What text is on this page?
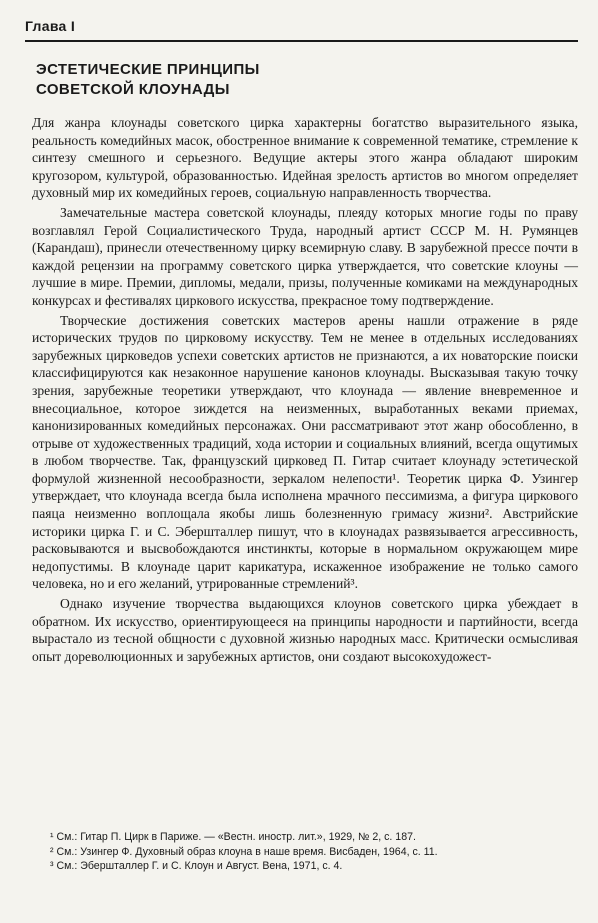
Глава I
ЭСТЕТИЧЕСКИЕ ПРИНЦИПЫ
СОВЕТСКОЙ КЛОУНАДЫ

Для жанра клоунады советского цирка характерны богатство выразительного языка, реальность комедийных масок, обостренное внимание к современной тематике, стремление к синтезу смешного и серьезного. Ведущие актеры этого жанра обладают широким кругозором, культурой, образованностью. Идейная зрелость артистов во многом определяет духовный мир их комедийных героев, социальную направленность творчества.

Замечательные мастера советской клоунады, плеяду которых многие годы по праву возглавлял Герой Социалистического Труда, народный артист СССР М. Н. Румянцев (Карандаш), принесли отечественному цирку всемирную славу. В зарубежной прессе почти в каждой рецензии на программу советского цирка утверждается, что советские клоуны — лучшие в мире. Премии, дипломы, медали, призы, полученные комиками на международных конкурсах и фестивалях циркового искусства, прекрасное тому подтверждение.

Творческие достижения советских мастеров арены нашли отражение в ряде исторических трудов по цирковому искусству. Тем не менее в отдельных исследованиях зарубежных цирковедов успехи советских артистов не признаются, а их новаторские поиски классифицируются как незаконное нарушение канонов клоунады. Высказывая такую точку зрения, зарубежные теоретики утверждают, что клоунада — явление вневременное и внесоциальное, которое зиждется на неизменных, выработанных веками приемах, канонизированных комедийных персонажах. Они рассматривают этот жанр обособленно, в отрыве от художественных традиций, хода истории и социальных влияний, всегда ощутимых в любом творчестве. Так, французский цирковед П. Гитар считает клоунаду эстетической формулой жизненной несообразности, зеркалом нелепости¹. Теоретик цирка Ф. Узингер утверждает, что клоунада всегда была исполнена мрачного пессимизма, а фигура циркового паяца неизменно воплощала якобы лишь болезненную гримасу жизни². Австрийские историки цирка Г. и С. Эбершталлер пишут, что в клоунадах развязывается агрессивность, расковываются и высвобождаются инстинкты, которые в нормальном окружающем мире недопустимы. В клоунаде царит карикатура, искаженное изображение не только самого человека, но и его желаний, утрированные стремлений³.

Однако изучение творчества выдающихся клоунов советского цирка убеждает в обратном. Их искусство, ориентирующееся на принципы народности и партийности, всегда вырастало из тесной общности с духовной жизнью народных масс. Критически осмысливая опыт дореволюционных и зарубежных артистов, они создают высокохудожест-

¹ См.: Гитар П. Цирк в Париже. — «Вестн. иностр. лит.», 1929, № 2, с. 187.
² См.: Узингер Ф. Духовный образ клоуна в наше время. Висбаден, 1964, с. 11.
³ См.: Эбершталлер Г. и С. Клоун и Август. Вена, 1971, с. 4.
